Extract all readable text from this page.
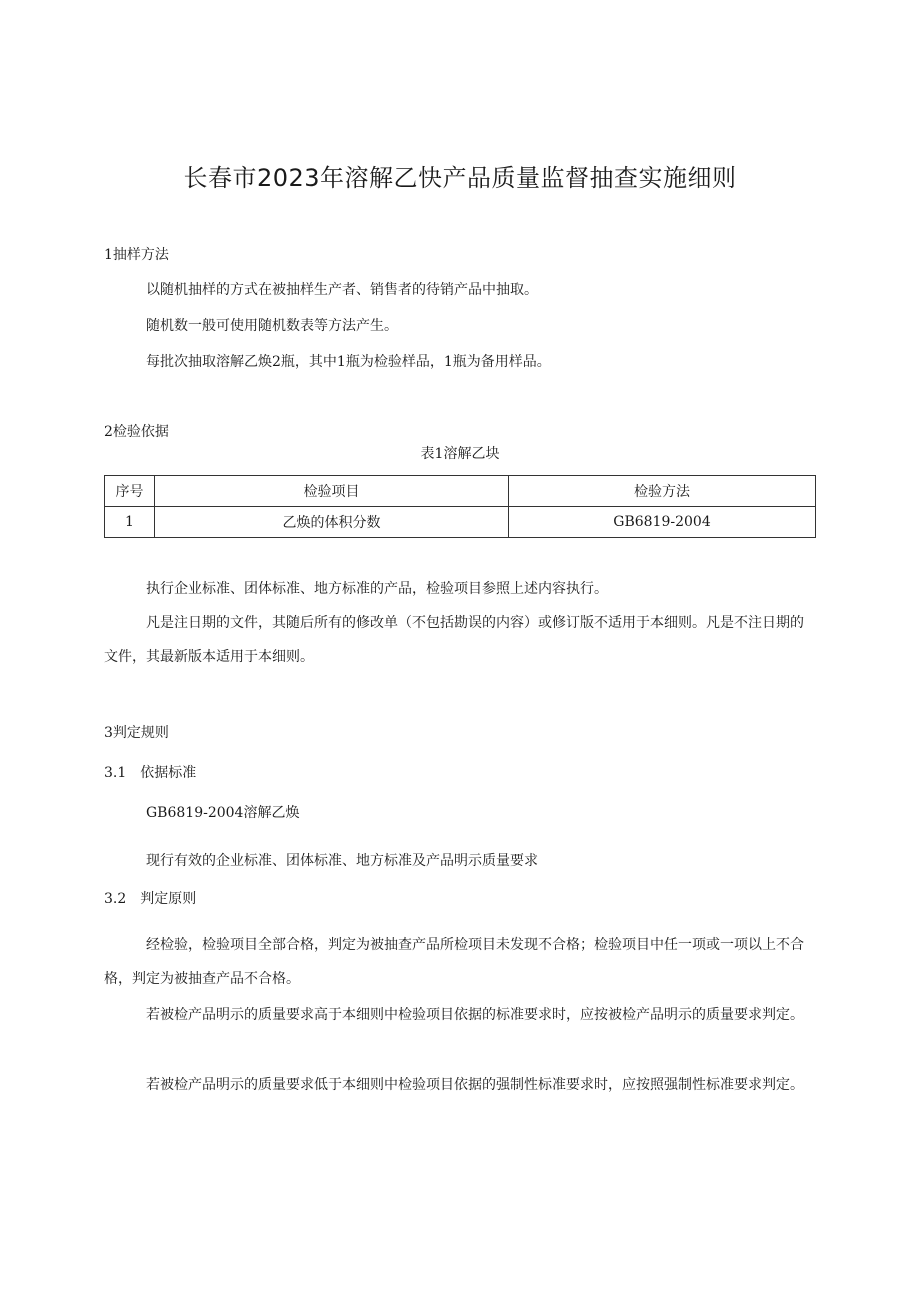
长春市2023年溶解乙快产品质量监督抽查实施细则
1抽样方法
以随机抽样的方式在被抽样生产者、销售者的待销产品中抽取。
随机数一般可使用随机数表等方法产生。
每批次抽取溶解乙焕2瓶，其中1瓶为检验样品，1瓶为备用样品。
2检验依据
表1溶解乙块
序号	检验项目	检验方法
1	乙焕的体积分数	GB6819-2004
执行企业标准、团体标准、地方标准的产品，检验项目参照上述内容执行。
凡是注日期的文件，其随后所有的修改单（不包括勘误的内容）或修订版不适用于本细则。凡是不注日期的文件，其最新版本适用于本细则。
3判定规则
3.1　依据标准
GB6819-2004溶解乙焕
现行有效的企业标准、团体标准、地方标准及产品明示质量要求
3.2　判定原则
经检验，检验项目全部合格，判定为被抽查产品所检项目未发现不合格；检验项目中任一项或一项以上不合格，判定为被抽查产品不合格。
若被检产品明示的质量要求高于本细则中检验项目依据的标准要求时，应按被检产品明示的质量要求判定。
若被检产品明示的质量要求低于本细则中检验项目依据的强制性标准要求时，应按照强制性标准要求判定。
